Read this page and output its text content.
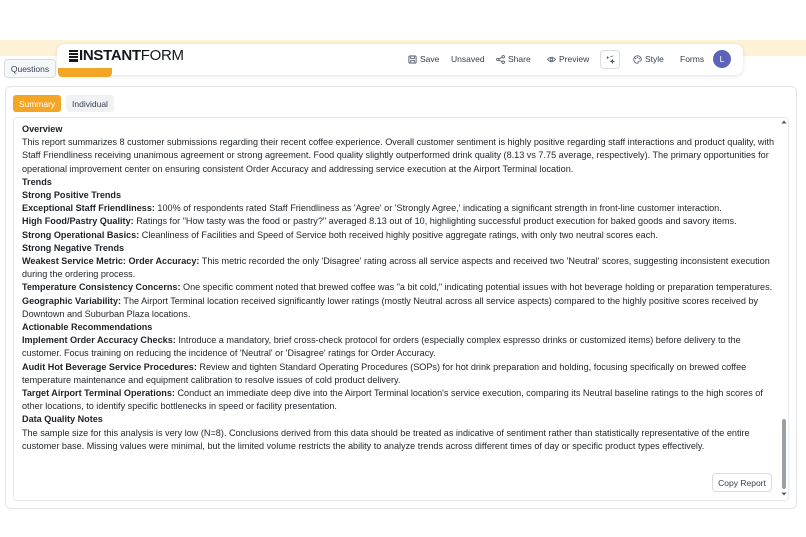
INSTANT FORM	Save Unsaved	Share	Preview	Style Forms L
Questions
Summary Individual
Overview
This report summarizes 8 customer submissions regarding their recent coffee experience. Overall customer sentiment is highly positive regarding staff interactions and product quality, with Staff Friendliness receiving unanimous agreement or strong agreement. Food quality slightly outperformed drink quality (8.13 vs 7.75 average, respectively). The primary opportunities for operational improvement center on ensuring consistent Order Accuracy and addressing service execution at the Airport Terminal location.
Trends
Strong Positive Trends
Exceptional Staff Friendliness: 100% of respondents rated Staff Friendliness as 'Agree' or 'Strongly Agree,' indicating a significant strength in front-line customer interaction.
High Food/Pastry Quality: Ratings for "How tasty was the food or pastry?" averaged 8.13 out of 10, highlighting successful product execution for baked goods and savory items.
Strong Operational Basics: Cleanliness of Facilities and Speed of Service both received highly positive aggregate ratings, with only two neutral scores each.
Strong Negative Trends
Weakest Service Metric: Order Accuracy: This metric recorded the only 'Disagree' rating across all service aspects and received two 'Neutral' scores, suggesting inconsistent execution during the ordering process.
Temperature Consistency Concerns: One specific comment noted that brewed coffee was "a bit cold," indicating potential issues with hot beverage holding or preparation temperatures.
Geographic Variability: The Airport Terminal location received significantly lower ratings (mostly Neutral across all service aspects) compared to the highly positive scores received by Downtown and Suburban Plaza locations.
Actionable Recommendations
Implement Order Accuracy Checks: Introduce a mandatory, brief cross-check protocol for orders (especially complex espresso drinks or customized items) before delivery to the customer. Focus training on reducing the incidence of 'Neutral' or 'Disagree' ratings for Order Accuracy.
Audit Hot Beverage Service Procedures: Review and tighten Standard Operating Procedures (SOPs) for hot drink preparation and holding, focusing specifically on brewed coffee temperature maintenance and equipment calibration to resolve issues of cold product delivery.
Target Airport Terminal Operations: Conduct an immediate deep dive into the Airport Terminal location's service execution, comparing its Neutral baseline ratings to the high scores of other locations, to identify specific bottlenecks in speed or facility presentation.
Data Quality Notes
The sample size for this analysis is very low (N=8). Conclusions derived from this data should be treated as indicative of sentiment rather than statistically representative of the entire customer base. Missing values were minimal, but the limited volume restricts the ability to analyze trends across different times of day or specific product types effectively.
Copy Report
